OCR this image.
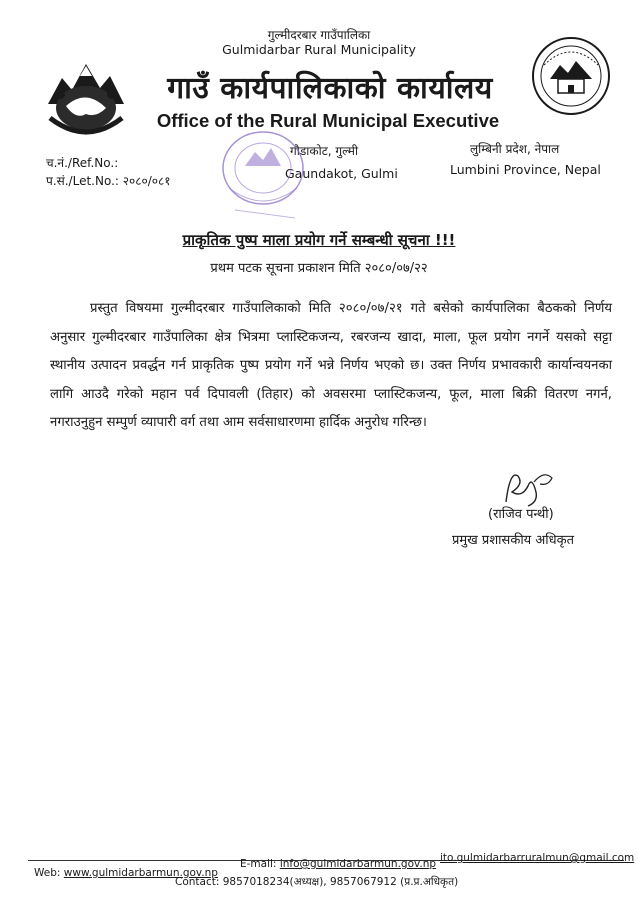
गुल्मीदरबार गाउँपालिका
Gulmidarbar Rural Municipality
गाउँ कार्यपालिकाको कार्यालय
Office of the Rural Municipal Executive
च.नं./Ref.No.:
प.सं./Let.No.: २०८०/०८१
गौडाकोट, गुल्मी
Gaundakot, Gulmi
लुम्बिनी प्रदेश, नेपाल
Lumbini Province, Nepal
प्राकृतिक पुष्प माला प्रयोग गर्ने सम्बन्धी सूचना !!!
प्रथम पटक सूचना प्रकाशन मिति २०८०/०७/२२
प्रस्तुत विषयमा गुल्मीदरबार गाउँपालिकाको मिति २०८०/०७/२१ गते बसेको कार्यपालिका बैठकको निर्णय अनुसार गुल्मीदरबार गाउँपालिका क्षेत्र भित्रमा प्लास्टिकजन्य, रबरजन्य खादा, माला, फूल प्रयोग नगर्ने यसको सट्टा स्थानीय उत्पादन प्रवर्द्धन गर्न प्राकृतिक पुष्प प्रयोग गर्ने भन्ने निर्णय भएको छ। उक्त निर्णय प्रभावकारी कार्यान्वयनका लागि आउदै गरेको महान पर्व दिपावली (तिहार) को अवसरमा प्लास्टिकजन्य, फूल, माला बिक्री वितरण नगर्न, नगराउनुहुन सम्पुर्ण व्यापारी वर्ग तथा आम सर्वसाधारणमा हार्दिक अनुरोध गरिन्छ।
(राजिव पन्थी)
प्रमुख प्रशासकीय अधिकृत
Web: www.gulmidarbarmun.gov.np
E-mail: info@gulmidarbarmun.gov.np ito.gulmidarbarruralmun@gmail.com
Contact: 9857018234(अध्यक्ष), 9857067912 (प्र.प्र.अधिकृत)
